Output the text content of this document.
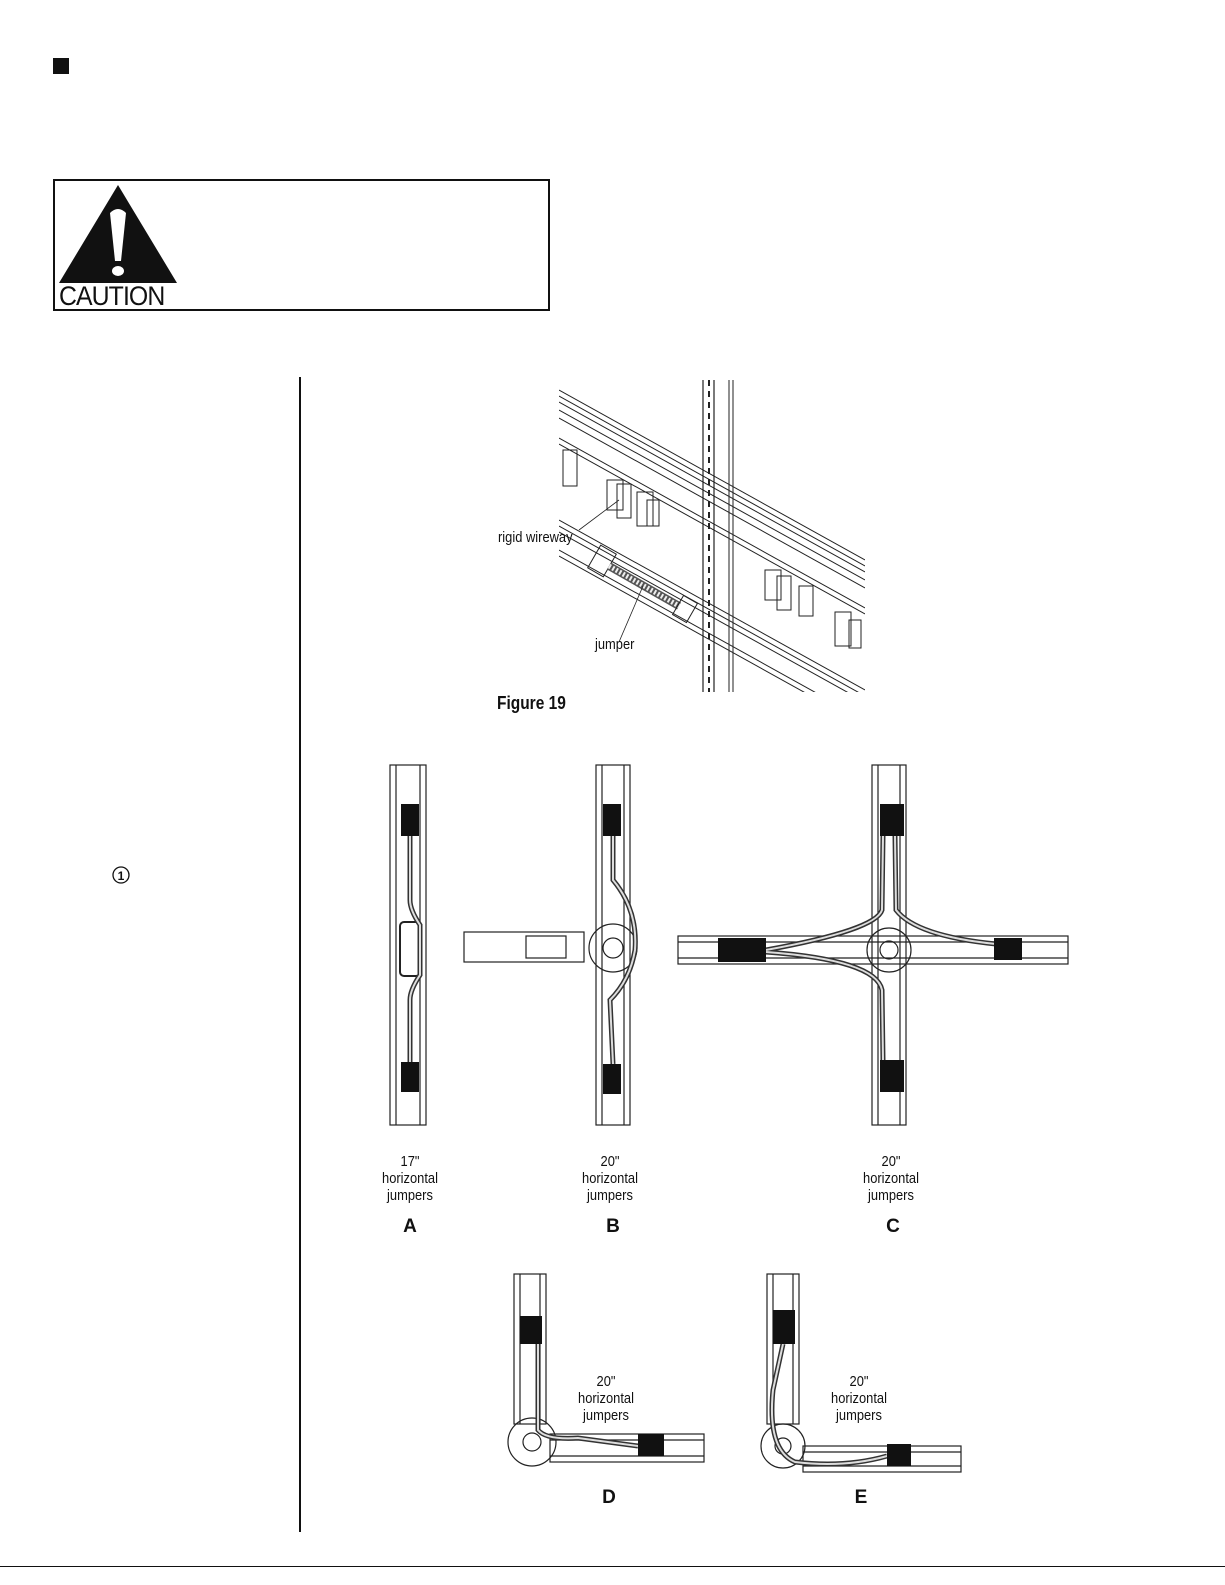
CAUTION
1
rigid wireway
jumper
Figure 19
17"
horizontal
jumpers
A
20"
horizontal
jumpers
B
20"
horizontal
jumpers
C
20"
horizontal
jumpers
D
20"
horizontal
jumpers
E
